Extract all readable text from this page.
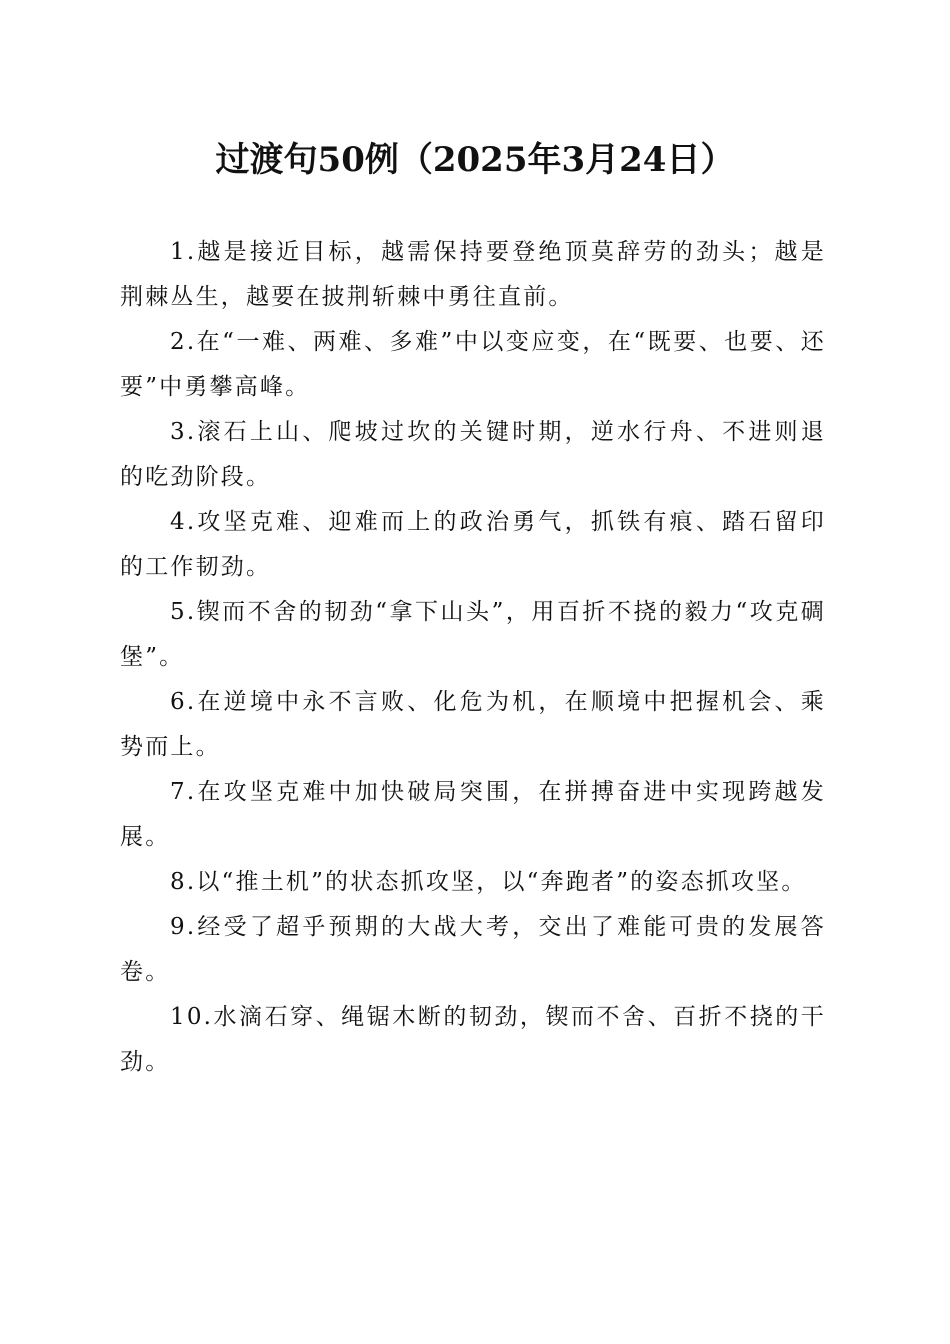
过渡句50例（2025年3月24日）

1.越是接近目标，越需保持要登绝顶莫辞劳的劲头；越是荆棘丛生，越要在披荆斩棘中勇往直前。

2.在“一难、两难、多难”中以变应变，在“既要、也要、还要”中勇攀高峰。

3.滚石上山、爬坡过坎的关键时期，逆水行舟、不进则退的吃劲阶段。

4.攻坚克难、迎难而上的政治勇气，抓铁有痕、踏石留印的工作韧劲。

5.锲而不舍的韧劲“拿下山头”，用百折不挠的毅力“攻克碉堡”。

6.在逆境中永不言败、化危为机，在顺境中把握机会、乘势而上。

7.在攻坚克难中加快破局突围，在拼搏奋进中实现跨越发展。

8.以“推土机”的状态抓攻坚，以“奔跑者”的姿态抓攻坚。

9.经受了超乎预期的大战大考，交出了难能可贵的发展答卷。

10.水滴石穿、绳锯木断的韧劲，锲而不舍、百折不挠的干劲。
